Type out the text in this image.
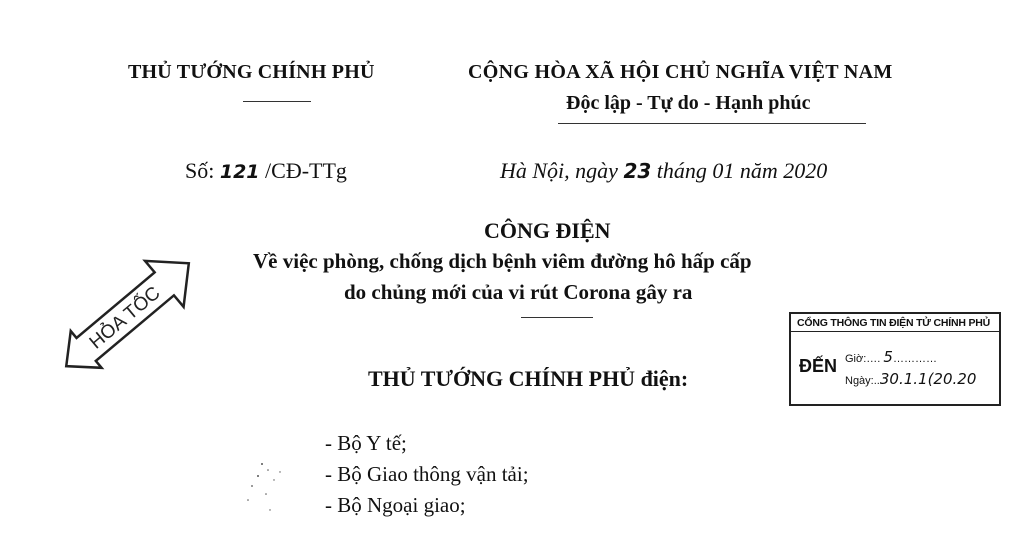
THỦ TƯỚNG CHÍNH PHỦ	CỘNG HÒA XÃ HỘI CHỦ NGHĨA VIỆT NAM
Độc lập - Tự do - Hạnh phúc
Số: 121 /CĐ-TTg	Hà Nội, ngày 23 tháng 01 năm 2020
HỎA TỐC
CÔNG ĐIỆN
Về việc phòng, chống dịch bệnh viêm đường hô hấp cấp
do chủng mới của vi rút Corona gây ra
CỔNG THÔNG TIN ĐIỆN TỬ CHÍNH PHỦ
ĐẾN Giờ:…. 5…………
Ngày:..30.1.1(20.20
THỦ TƯỚNG CHÍNH PHỦ điện:
- Bộ Y tế;
- Bộ Giao thông vận tải;
- Bộ Ngoại giao;
